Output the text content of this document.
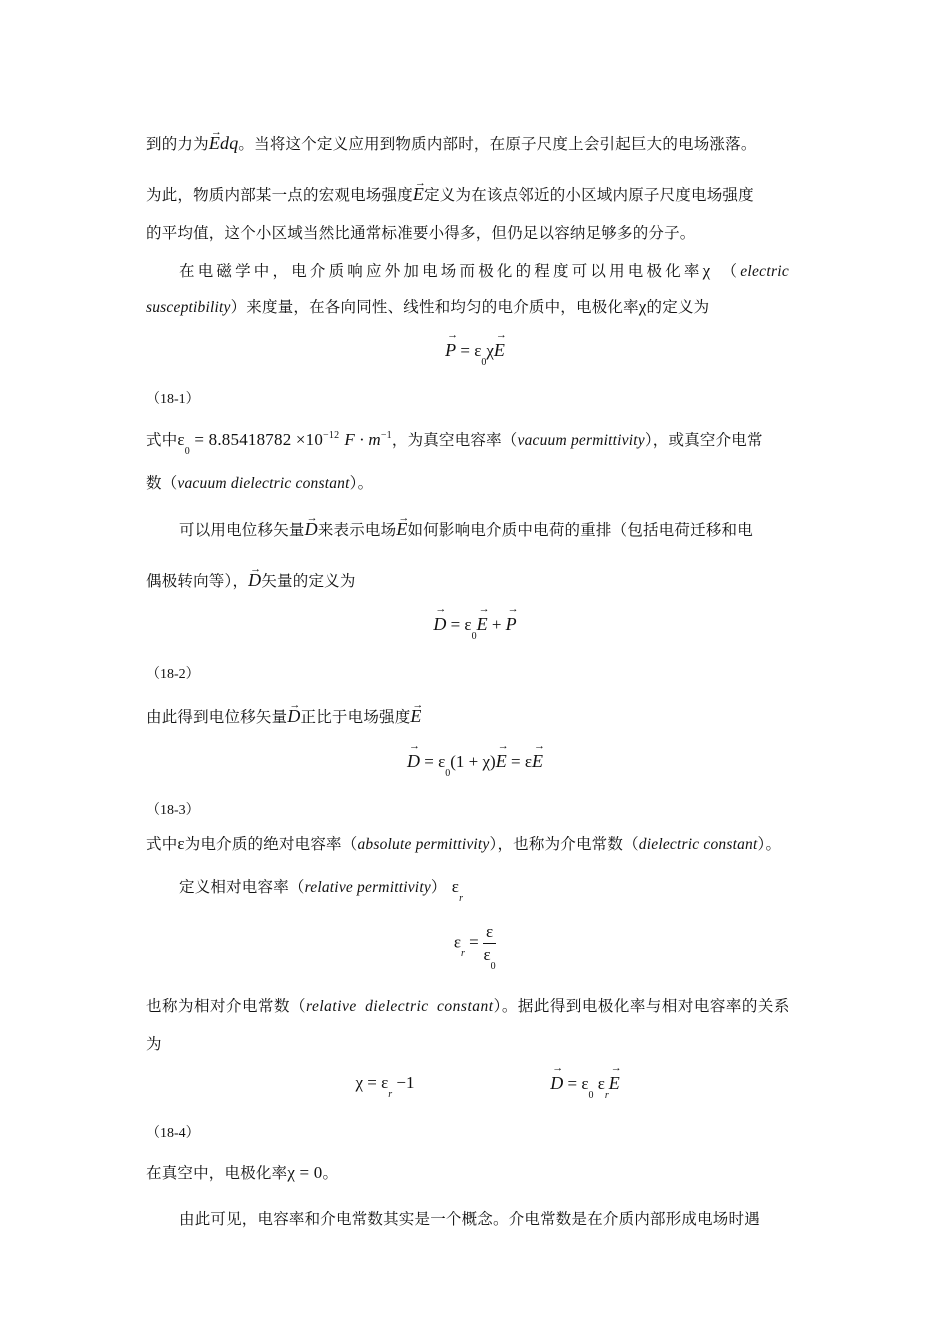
到的力为→ Edq。当将这个定义应用到物质内部时，在原子尺度上会引起巨大的电场涨落。
为此，物质内部某一点的宏观电场强度→ E定义为在该点邻近的小区域内原子尺度电场强度
的平均值，这个小区域当然比通常标准要小得多，但仍足以容纳足够多的分子。
在电磁学中，电介质响应外加电场而极化的程度可以用电极化率χ （electric
susceptibility）来度量，在各向同性、线性和均匀的电介质中，电极化率χ的定义为
→ $P = \varepsilon_0\chi\to E$
（18-1）
式中$\varepsilon_0 = 8.85418782 \times 10^{-12}$ $F \cdot m^{-1}$，为真空电容率（vacuum permittivity），或真空介电常
数（vacuum dielectric constant）。
可以用电位移矢量→ D来表示电场→ E如何影响电介质中电荷的重排（包括电荷迁移和电
偶极转向等），→ D矢量的定义为
→ $D = \varepsilon_0\to E$ + → P
（18-2）
由此得到电位移矢量→ D正比于电场强度→ E
→ $D = \varepsilon_0(1 + \chi)\to E = \varepsilon\to E$
（18-3）
式中ε为电介质的绝对电容率（absolute permittivity），也称为介电常数（dielectric constant）。
定义相对电容率（relative permittivity） $\varepsilon_r$
$\varepsilon_r = \frac{\varepsilon}{\varepsilon_0}$
也称为相对介电常数（relative dielectric constant）。据此得到电极化率与相对电容率的关系
为
$\chi = \varepsilon_r -1$
→	$D = \varepsilon_0$ $\varepsilon_r\to E$
（18-4）
在真空中，电极化率χ = 0。
由此可见，电容率和介电常数其实是一个概念。介电常数是在介质内部形成电场时遇
